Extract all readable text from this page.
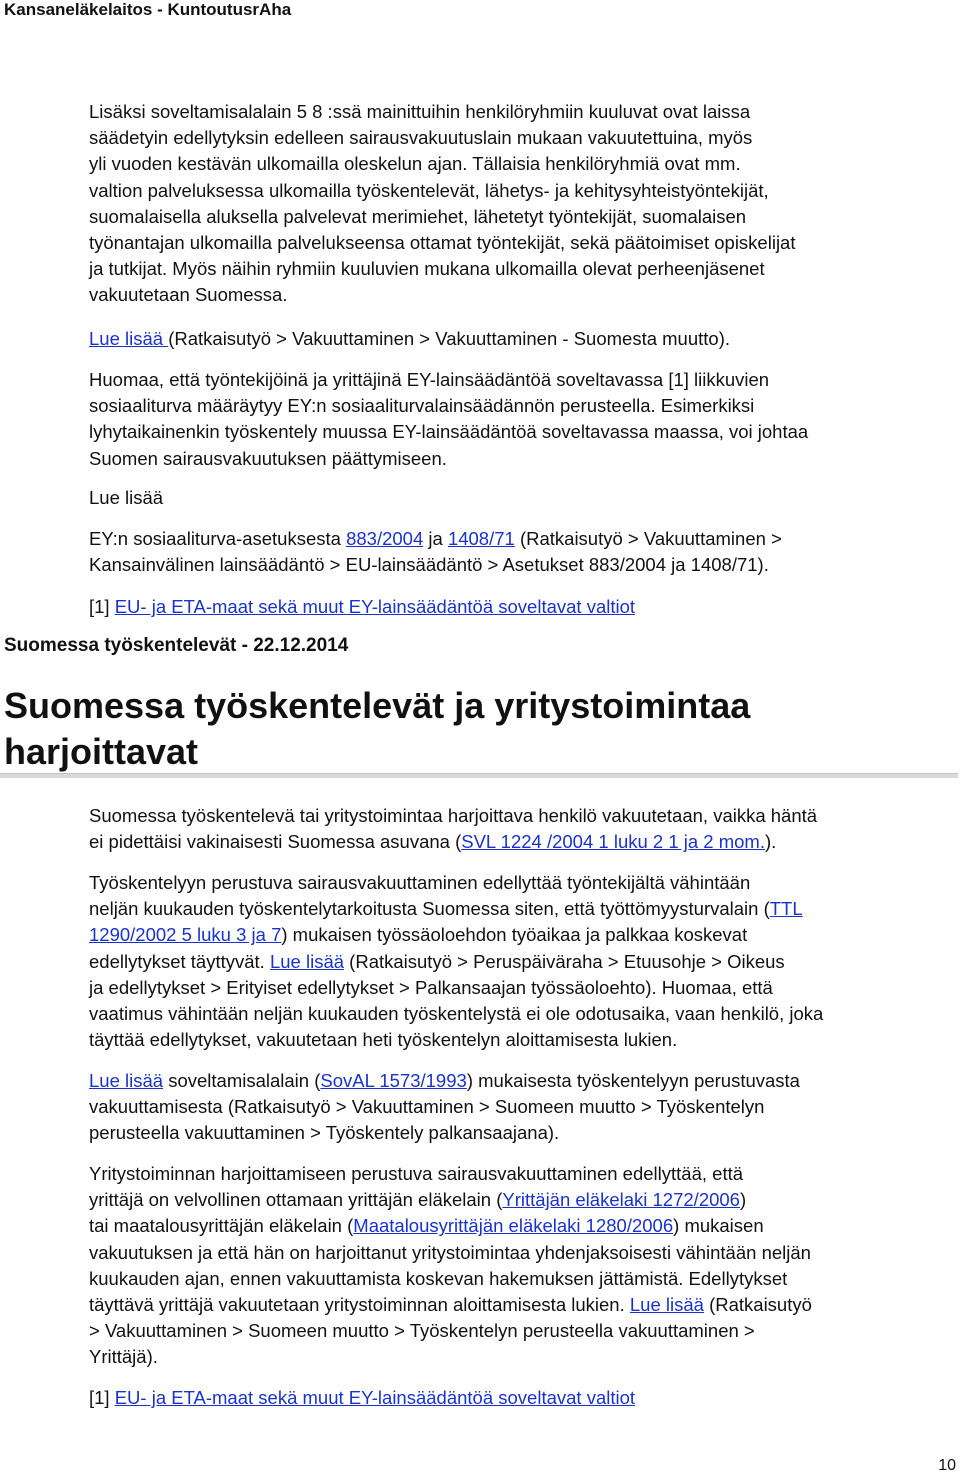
Kansaneläkelaitos - KuntoutusrAha
Lisäksi soveltamisalalain 5 8 :ssä mainittuihin henkilöryhmiin kuuluvat ovat laissa
säädetyin edellytyksin edelleen sairausvakuutuslain mukaan vakuutettuina, myös
yli vuoden kestävän ulkomailla oleskelun ajan. Tällaisia henkilöryhmiä ovat mm.
valtion palveluksessa ulkomailla työskentelevät, lähetys- ja kehitysyhteistyöntekijät,
suomalaisella aluksella palvelevat merimiehet, lähetetyt työntekijät, suomalaisen
työnantajan ulkomailla palvelukseensa ottamat työntekijät, sekä päätoimiset opiskelijat
ja tutkijat. Myös näihin ryhmiin kuuluvien mukana ulkomailla olevat perheenjäsenet
vakuutetaan Suomessa.
Lue lisää (Ratkaisutyö > Vakuuttaminen > Vakuuttaminen - Suomesta muutto).
Huomaa, että työntekijöinä ja yrittäjinä EY-lainsäädäntöä soveltavassa [1] liikkuvien
sosiaaliturva määräytyy EY:n sosiaaliturvalainsäädännön perusteella. Esimerkiksi
lyhytaikainenkin työskentely muussa EY-lainsäädäntöä soveltavassa maassa, voi johtaa
Suomen sairausvakuutuksen päättymiseen.
Lue lisää
EY:n sosiaaliturva-asetuksesta 883/2004 ja 1408/71 (Ratkaisutyö > Vakuuttaminen >
Kansainvälinen lainsäädäntö > EU-lainsäädäntö > Asetukset 883/2004 ja 1408/71).
[1] EU- ja ETA-maat sekä muut EY-lainsäädäntöä soveltavat valtiot
Suomessa työskentelevät - 22.12.2014
Suomessa työskentelevät ja yritystoimintaa
harjoittavat
Suomessa työskentelevä tai yritystoimintaa harjoittava henkilö vakuutetaan, vaikka häntä
ei pidettäisi vakinaisesti Suomessa asuvana (SVL 1224 /2004 1 luku 2 1 ja 2 mom.).
Työskentelyyn perustuva sairausvakuuttaminen edellyttää työntekijältä vähintään
neljän kuukauden työskentelytarkoitusta Suomessa siten, että työttömyysturvalain (TTL
1290/2002 5 luku 3 ja 7) mukaisen työssäoloehdon työaikaa ja palkkaa koskevat
edellytykset täyttyvät. Lue lisää (Ratkaisutyö > Peruspäiväraha > Etuusohje > Oikeus
ja edellytykset > Erityiset edellytykset > Palkansaajan työssäoloehto). Huomaa, että
vaatimus vähintään neljän kuukauden työskentelystä ei ole odotusaika, vaan henkilö, joka
täyttää edellytykset, vakuutetaan heti työskentelyn aloittamisesta lukien.
Lue lisää soveltamisalalain (SovAL 1573/1993) mukaisesta työskentelyyn perustuvasta
vakuuttamisesta (Ratkaisutyö > Vakuuttaminen > Suomeen muutto > Työskentelyn
perusteella vakuuttaminen > Työskentely palkansaajana).
Yritystoiminnan harjoittamiseen perustuva sairausvakuuttaminen edellyttää, että
yrittäjä on velvollinen ottamaan yrittäjän eläkelain (Yrittäjän eläkelaki 1272/2006)
tai maatalousyrittäjän eläkelain (Maatalousyrittäjän eläkelaki 1280/2006) mukaisen
vakuutuksen ja että hän on harjoittanut yritystoimintaa yhdenjaksoisesti vähintään neljän
kuukauden ajan, ennen vakuuttamista koskevan hakemuksen jättämistä. Edellytykset
täyttävä yrittäjä vakuutetaan yritystoiminnan aloittamisesta lukien. Lue lisää (Ratkaisutyö
> Vakuuttaminen > Suomeen muutto > Työskentelyn perusteella vakuuttaminen >
Yrittäjä).
[1] EU- ja ETA-maat sekä muut EY-lainsäädäntöä soveltavat valtiot
10
